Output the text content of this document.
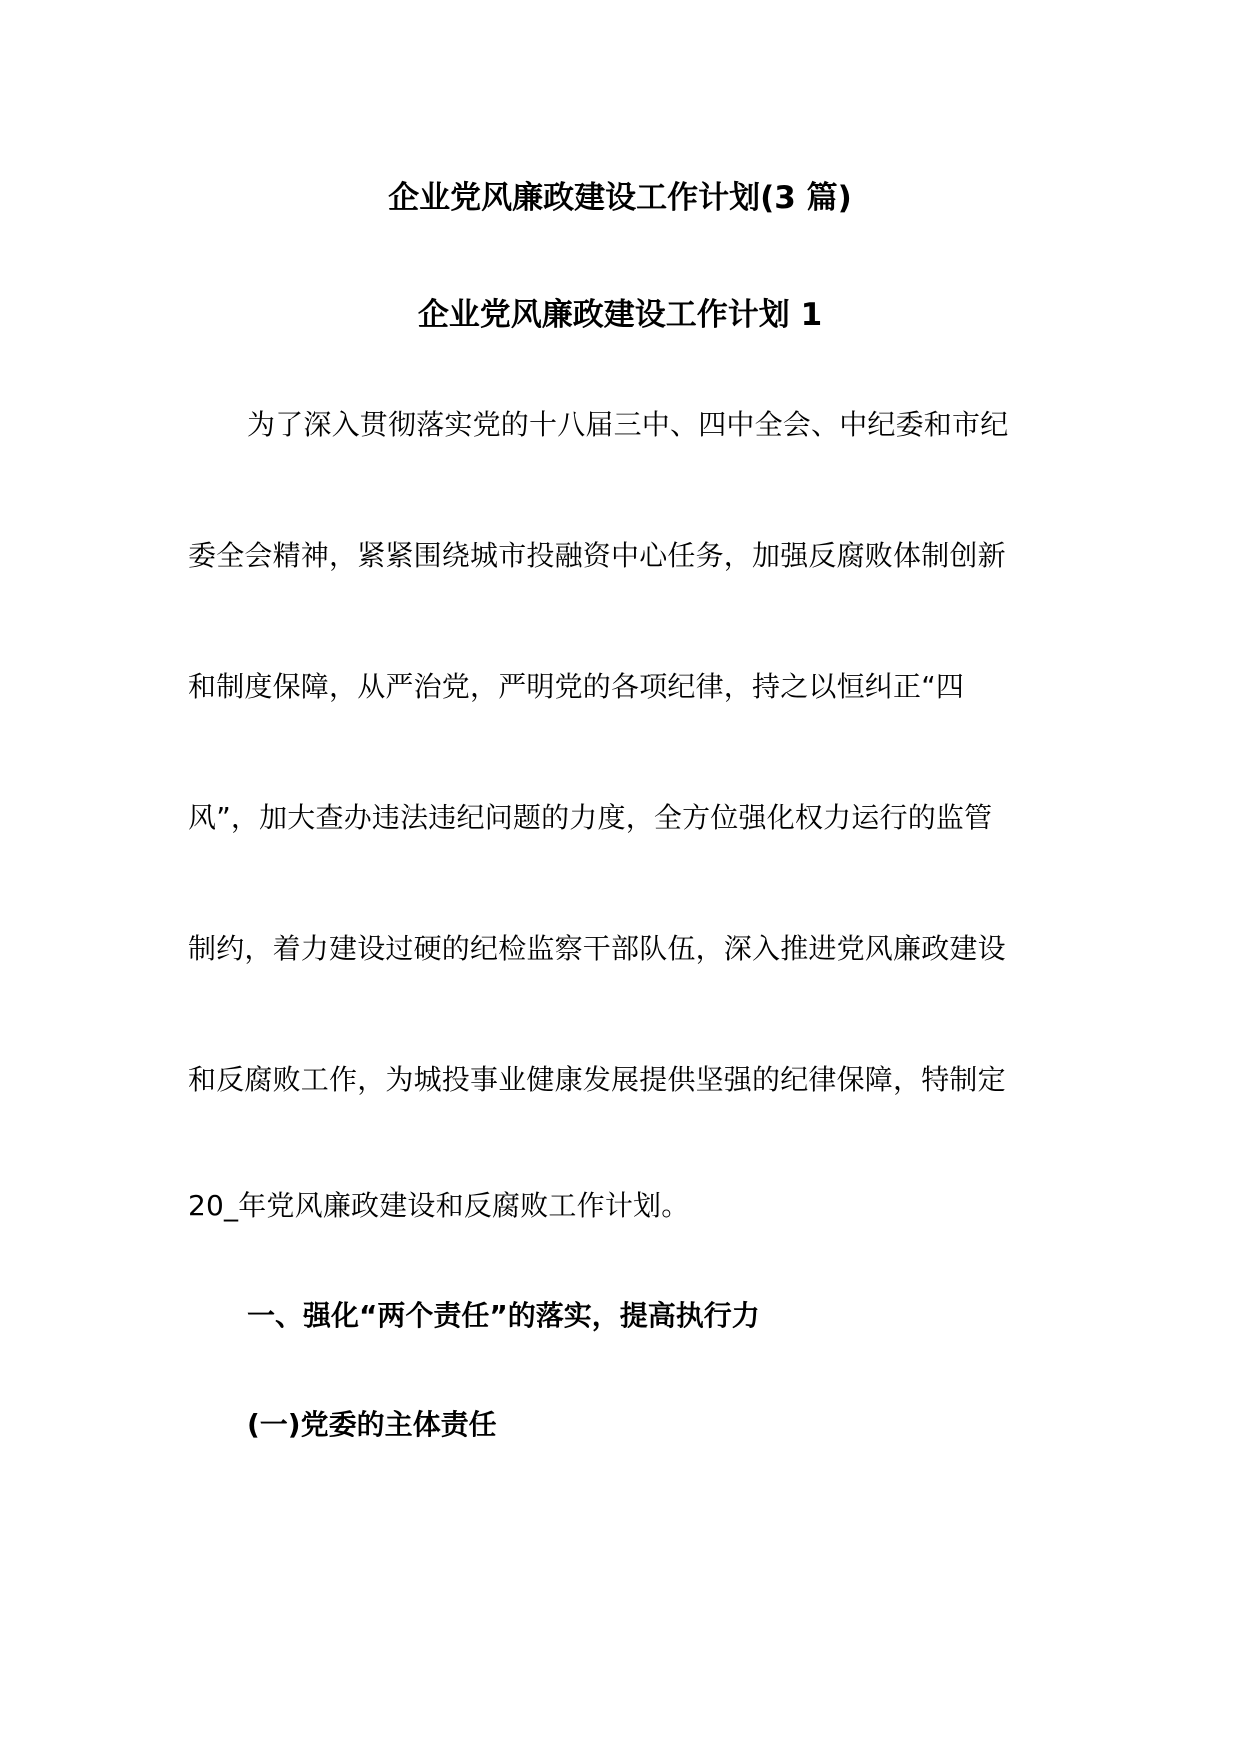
企业党风廉政建设工作计划(3 篇)
企业党风廉政建设工作计划 1
为了深入贯彻落实党的十八届三中、四中全会、中纪委和市纪
委全会精神，紧紧围绕城市投融资中心任务，加强反腐败体制创新
和制度保障，从严治党，严明党的各项纪律，持之以恒纠正“四
风”，加大查办违法违纪问题的力度，全方位强化权力运行的监管
制约，着力建设过硬的纪检监察干部队伍，深入推进党风廉政建设
和反腐败工作，为城投事业健康发展提供坚强的纪律保障，特制定
20_年党风廉政建设和反腐败工作计划。
一、强化“两个责任”的落实，提高执行力
(一)党委的主体责任
